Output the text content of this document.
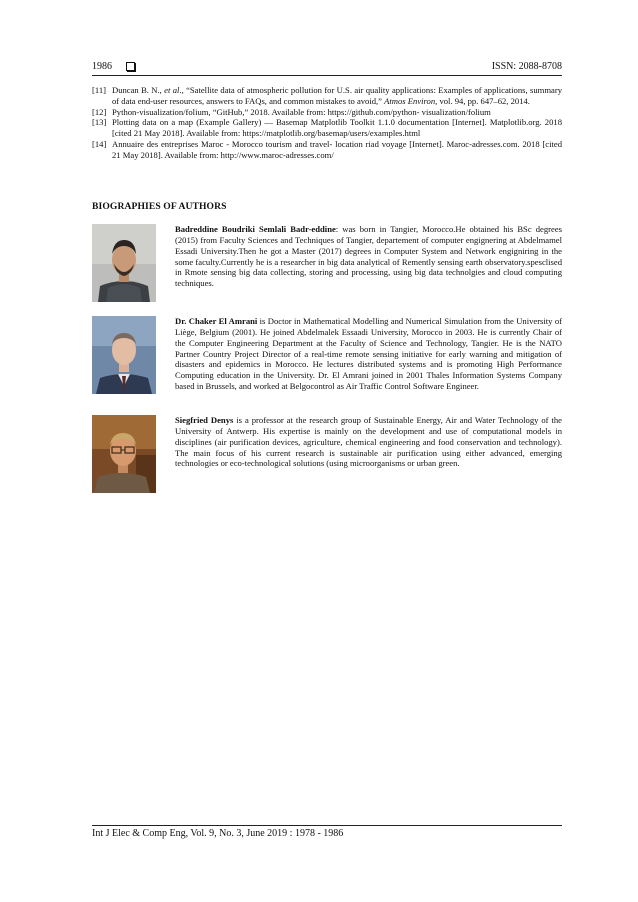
1986	ISSN: 2088-8708
[11] Duncan B. N., et al., “Satellite data of atmospheric pollution for U.S. air quality applications: Examples of applications, summary of data end-user resources, answers to FAQs, and common mistakes to avoid,” Atmos Environ, vol. 94, pp. 647–62, 2014.
[12] Python-visualization/folium, “GitHub,” 2018. Available from: https://github.com/python- visualization/folium
[13] Plotting data on a map (Example Gallery) — Basemap Matplotlib Toolkit 1.1.0 documentation [Internet]. Matplotlib.org. 2018 [cited 21 May 2018]. Available from: https://matplotlib.org/basemap/users/examples.html
[14] Annuaire des entreprises Maroc - Morocco tourism and travel- location riad voyage [Internet]. Maroc-adresses.com. 2018 [cited 21 May 2018]. Available from: http://www.maroc-adresses.com/
BIOGRAPHIES OF AUTHORS
Badreddine Boudriki Semlali Badr-eddine: was born in Tangier, Morocco.He obtained his BSc degrees (2015) from Faculty Sciences and Techniques of Tangier, departement of computer engignering at Abdelmamel Essadi University.Then he got a Master (2017) degrees in Computer System and Network engigniring in the some faculty.Currently he is a researcher in big data analytical of Remently sensing earth observatory.spesclised in Rmote sensing big data collecting, storing and processing, using big data technolgies and cloud computing techniques.
Dr. Chaker El Amrani is Doctor in Mathematical Modelling and Numerical Simulation from the University of Liège, Belgium (2001). He joined Abdelmalek Essaadi University, Morocco in 2003. He is currently Chair of the Computer Engineering Department at the Faculty of Science and Technology, Tangier. He is the NATO Partner Country Project Director of a real-time remote sensing initiative for early warning and mitigation of disasters and epidemics in Morocco. He lectures distributed systems and is promoting High Performance Computing education in the University. Dr. El Amrani joined in 2001 Thales Information Systems Company based in Brussels, and worked at Belgocontrol as Air Traffic Control Software Engineer.
Siegfried Denys is a professor at the research group of Sustainable Energy, Air and Water Technology of the University of Antwerp. His expertise is mainly on the development and use of computational models in disciplines (air purification devices, agriculture, chemical engineering and food conservation and technology). The main focus of his current research is sustainable air purification using either advanced, emerging technologies or eco-technological solutions (using microorganisms or urban green.
Int J Elec & Comp Eng, Vol. 9, No. 3, June 2019 : 1978 - 1986
